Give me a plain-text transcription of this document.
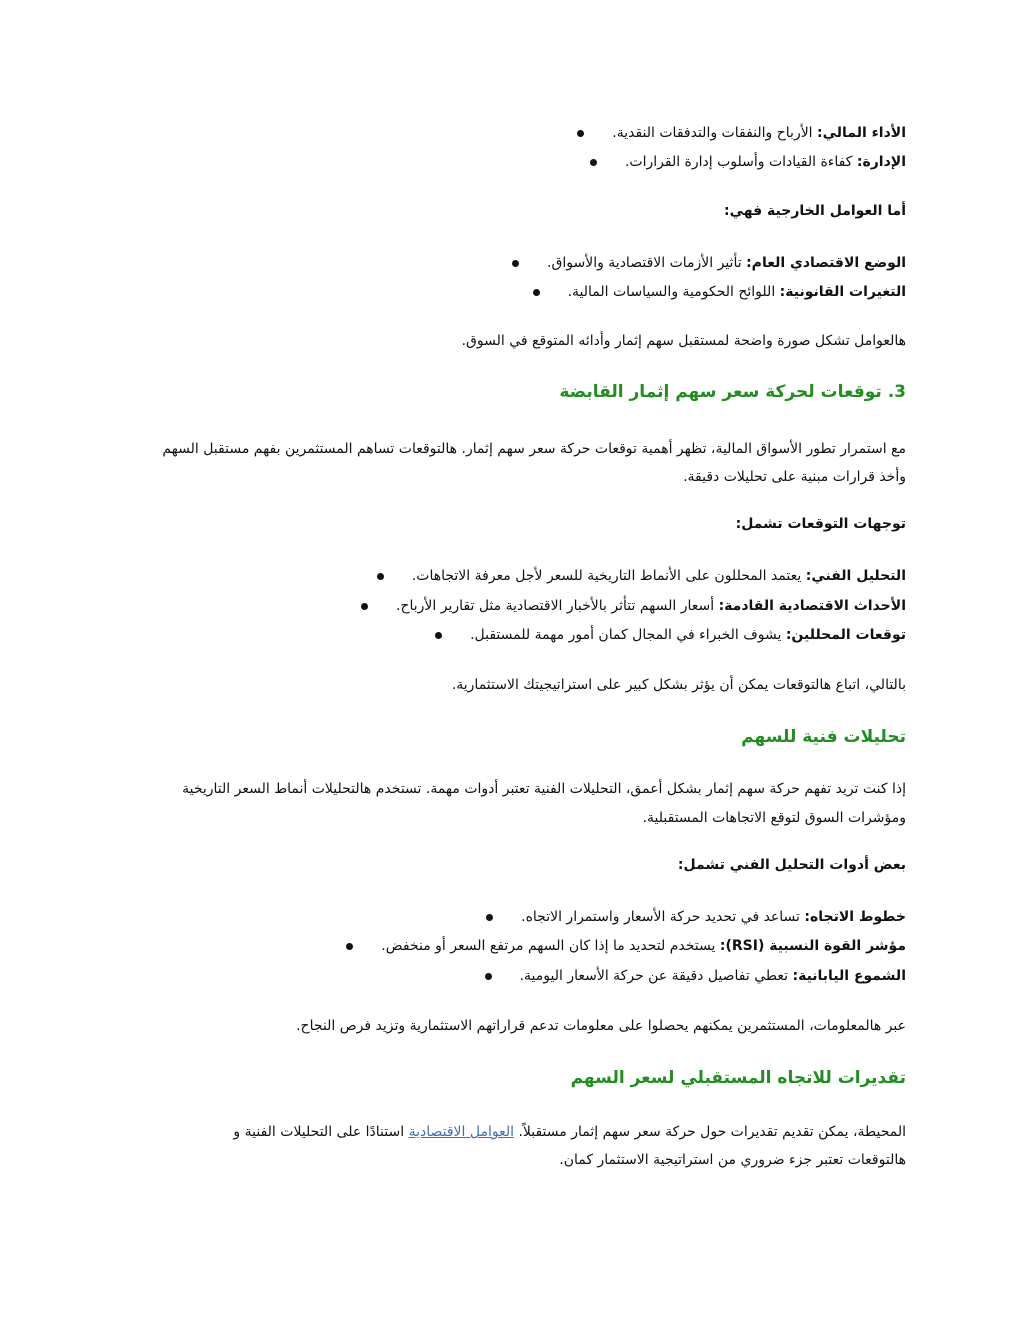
الأداء المالي: الأرباح والنفقات والتدفقات النقدية.
الإدارة: كفاءة القيادات وأسلوب إدارة القرارات.
أما العوامل الخارجية فهي:
الوضع الاقتصادي العام: تأثير الأزمات الاقتصادية والأسواق.
التغيرات القانونية: اللوائح الحكومية والسياسات المالية.
هالعوامل تشكل صورة واضحة لمستقبل سهم إثمار وأدائه المتوقع في السوق.
3. توقعات لحركة سعر سهم إثمار القابضة
مع استمرار تطور الأسواق المالية، تظهر أهمية توقعات حركة سعر سهم إثمار. هالتوقعات تساهم المستثمرين بفهم مستقبل السهم
وأخذ قرارات مبنية على تحليلات دقيقة.
توجهات التوقعات تشمل:
التحليل الفني: يعتمد المحللون على الأنماط التاريخية للسعر لأجل معرفة الاتجاهات.
الأحداث الاقتصادية القادمة: أسعار السهم تتأثر بالأخبار الاقتصادية مثل تقارير الأرباح.
توقعات المحللين: يشوف الخبراء في المجال كمان أمور مهمة للمستقبل.
بالتالي، اتباع هالتوقعات يمكن أن يؤثر بشكل كبير على استراتيجيتك الاستثمارية.
تحليلات فنية للسهم
إذا كنت تريد تفهم حركة سهم إثمار بشكل أعمق، التحليلات الفنية تعتبر أدوات مهمة. تستخدم هالتحليلات أنماط السعر التاريخية
ومؤشرات السوق لتوقع الاتجاهات المستقبلية.
بعض أدوات التحليل الفني تشمل:
خطوط الاتجاه: تساعد في تحديد حركة الأسعار واستمرار الاتجاه.
مؤشر القوة النسبية (RSI): يستخدم لتحديد ما إذا كان السهم مرتفع السعر أو منخفض.
الشموع اليابانية: تعطي تفاصيل دقيقة عن حركة الأسعار اليومية.
عبر هالمعلومات، المستثمرين يمكنهم يحصلوا على معلومات تدعم قراراتهم الاستثمارية وتزيد فرص النجاح.
تقديرات للاتجاه المستقبلي لسعر السهم
المحيطة، يمكن تقديم تقديرات حول حركة سعر سهم إثمار مستقبلاً. العوامل الاقتصادية استنادًا على التحليلات الفنية و
هالتوقعات تعتبر جزء ضروري من استراتيجية الاستثمار كمان.
